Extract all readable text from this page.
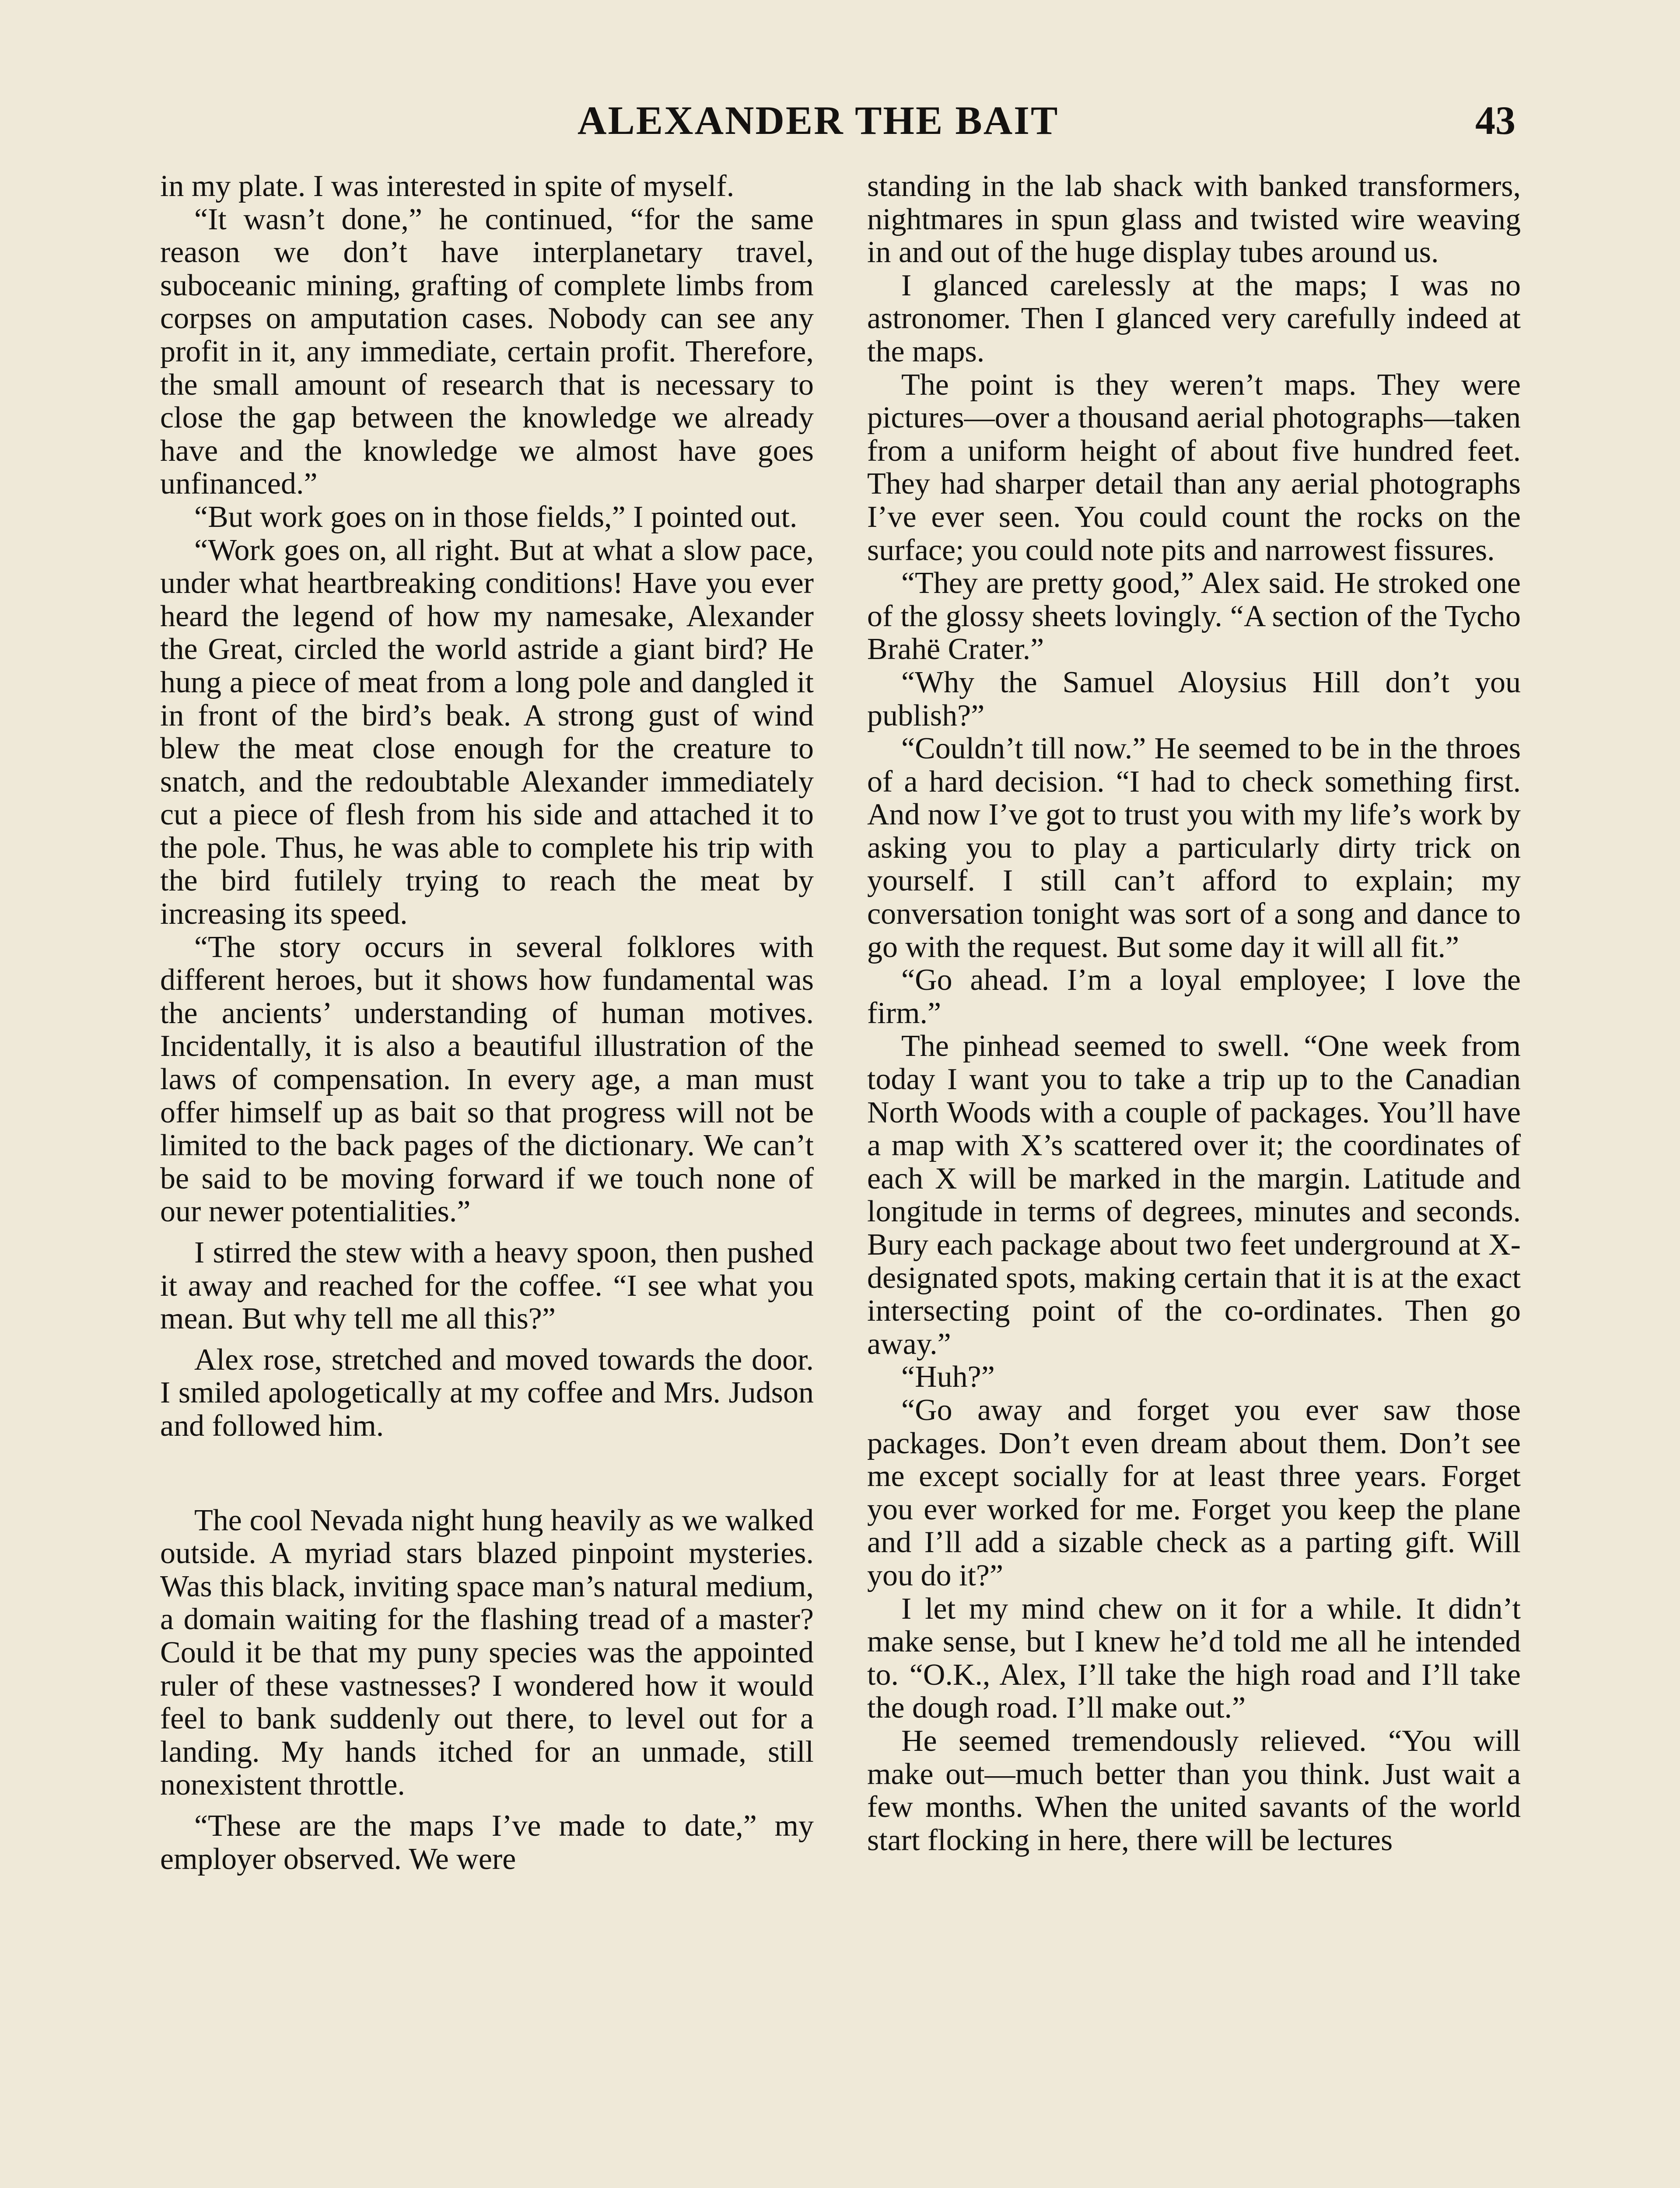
ALEXANDER THE BAIT	43

in my plate. I was interested in spite of myself.

“It wasn’t done,” he continued, “for the same reason we don’t have interplanetary travel, suboceanic mining, grafting of complete limbs from corpses on amputation cases. Nobody can see any profit in it, any immediate, certain profit. Therefore, the small amount of research that is necessary to close the gap between the knowledge we already have and the knowledge we almost have goes unfinanced.”

“But work goes on in those fields,” I pointed out.

“Work goes on, all right. But at what a slow pace, under what heartbreaking conditions! Have you ever heard the legend of how my namesake, Alexander the Great, circled the world astride a giant bird? He hung a piece of meat from a long pole and dangled it in front of the bird’s beak. A strong gust of wind blew the meat close enough for the creature to snatch, and the redoubtable Alexander immediately cut a piece of flesh from his side and attached it to the pole. Thus, he was able to complete his trip with the bird futilely trying to reach the meat by increasing its speed.

“The story occurs in several folklores with different heroes, but it shows how fundamental was the ancients’ understanding of human motives. Incidentally, it is also a beautiful illustration of the laws of compensation. In every age, a man must offer himself up as bait so that progress will not be limited to the back pages of the dictionary. We can’t be said to be moving forward if we touch none of our newer potentialities.”

I stirred the stew with a heavy spoon, then pushed it away and reached for the coffee. “I see what you mean. But why tell me all this?”

Alex rose, stretched and moved towards the door. I smiled apologetically at my coffee and Mrs. Judson and followed him.

The cool Nevada night hung heavily as we walked outside. A myriad stars blazed pinpoint mysteries. Was this black, inviting space man’s natural medium, a domain waiting for the flashing tread of a master? Could it be that my puny species was the appointed ruler of these vastnesses? I wondered how it would feel to bank suddenly out there, to level out for a landing. My hands itched for an unmade, still nonexistent throttle.

“These are the maps I’ve made to date,” my employer observed. We were

standing in the lab shack with banked transformers, nightmares in spun glass and twisted wire weaving in and out of the huge display tubes around us.

I glanced carelessly at the maps; I was no astronomer. Then I glanced very carefully indeed at the maps.

The point is they weren’t maps. They were pictures—over a thousand aerial photographs—taken from a uniform height of about five hundred feet. They had sharper detail than any aerial photographs I’ve ever seen. You could count the rocks on the surface; you could note pits and narrowest fissures.

“They are pretty good,” Alex said. He stroked one of the glossy sheets lovingly. “A section of the Tycho Brahë Crater.”

“Why the Samuel Aloysius Hill don’t you publish?”

“Couldn’t till now.” He seemed to be in the throes of a hard decision. “I had to check something first. And now I’ve got to trust you with my life’s work by asking you to play a particularly dirty trick on yourself. I still can’t afford to explain; my conversation tonight was sort of a song and dance to go with the request. But some day it will all fit.”

“Go ahead. I’m a loyal employee; I love the firm.”

The pinhead seemed to swell. “One week from today I want you to take a trip up to the Canadian North Woods with a couple of packages. You’ll have a map with X’s scattered over it; the coordinates of each X will be marked in the margin. Latitude and longitude in terms of degrees, minutes and seconds. Bury each package about two feet underground at X-designated spots, making certain that it is at the exact intersecting point of the co-ordinates. Then go away.”

“Huh?”

“Go away and forget you ever saw those packages. Don’t even dream about them. Don’t see me except socially for at least three years. Forget you ever worked for me. Forget you keep the plane and I’ll add a sizable check as a parting gift. Will you do it?”

I let my mind chew on it for a while. It didn’t make sense, but I knew he’d told me all he intended to. “O.K., Alex, I’ll take the high road and I’ll take the dough road. I’ll make out.”

He seemed tremendously relieved. “You will make out—much better than you think. Just wait a few months. When the united savants of the world start flocking in here, there will be lectures
